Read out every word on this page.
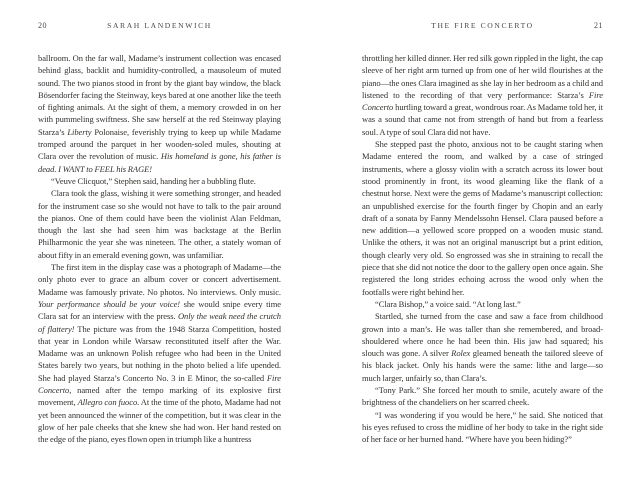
20	SARAH LANDENWICH

ballroom. On the far wall, Madame’s instrument collection was encased behind glass, backlit and humidity-controlled, a mausoleum of muted sound. The two pianos stood in front by the giant bay window, the black Bösendorfer facing the Steinway, keys bared at one another like the teeth of fighting animals. At the sight of them, a memory crowded in on her with pummeling swiftness. She saw herself at the red Steinway playing Starza’s Liberty Polonaise, feverishly trying to keep up while Madame tromped around the parquet in her wooden-soled mules, shouting at Clara over the revolution of music. His homeland is gone, his father is dead. I WANT to FEEL his RAGE!

“Veuve Clicquot,” Stephen said, handing her a bubbling flute.

Clara took the glass, wishing it were something stronger, and headed for the instrument case so she would not have to talk to the pair around the pianos. One of them could have been the violinist Alan Feldman, though the last she had seen him was backstage at the Berlin Philharmonic the year she was nineteen. The other, a stately woman of about fifty in an emerald evening gown, was unfamiliar.

The first item in the display case was a photograph of Madame—the only photo ever to grace an album cover or concert advertisement. Madame was famously private. No photos. No interviews. Only music. Your performance should be your voice! she would snipe every time Clara sat for an interview with the press. Only the weak need the crutch of flattery! The picture was from the 1948 Starza Competition, hosted that year in London while Warsaw reconstituted itself after the War. Madame was an unknown Polish refugee who had been in the United States barely two years, but nothing in the photo belied a life upended. She had played Starza’s Concerto No. 3 in E Minor, the so-called Fire Concerto, named after the tempo marking of its explosive first movement, Allegro con fuoco. At the time of the photo, Madame had not yet been announced the winner of the competition, but it was clear in the glow of her pale cheeks that she knew she had won. Her hand rested on the edge of the piano, eyes flown open in triumph like a huntress

THE FIRE CONCERTO	21

throttling her killed dinner. Her red silk gown rippled in the light, the cap sleeve of her right arm turned up from one of her wild flourishes at the piano—the ones Clara imagined as she lay in her bedroom as a child and listened to the recording of that very performance: Starza’s Fire Concerto hurtling toward a great, wondrous roar. As Madame told her, it was a sound that came not from strength of hand but from a fearless soul. A type of soul Clara did not have.

She stepped past the photo, anxious not to be caught staring when Madame entered the room, and walked by a case of stringed instruments, where a glossy violin with a scratch across its lower bout stood prominently in front, its wood gleaming like the flank of a chestnut horse. Next were the gems of Madame’s manuscript collection: an unpublished exercise for the fourth finger by Chopin and an early draft of a sonata by Fanny Mendelssohn Hensel. Clara paused before a new addition—a yellowed score propped on a wooden music stand. Unlike the others, it was not an original manuscript but a print edition, though clearly very old. So engrossed was she in straining to recall the piece that she did not notice the door to the gallery open once again. She registered the long strides echoing across the wood only when the footfalls were right behind her.

“Clara Bishop,” a voice said. “At long last.”

Startled, she turned from the case and saw a face from childhood grown into a man’s. He was taller than she remembered, and broad-shouldered where once he had been thin. His jaw had squared; his slouch was gone. A silver Rolex gleamed beneath the tailored sleeve of his black jacket. Only his hands were the same: lithe and large—so much larger, unfairly so, than Clara’s.

“Tony Park.” She forced her mouth to smile, acutely aware of the brightness of the chandeliers on her scarred cheek.

“I was wondering if you would be here,” he said. She noticed that his eyes refused to cross the midline of her body to take in the right side of her face or her burned hand. “Where have you been hiding?”
